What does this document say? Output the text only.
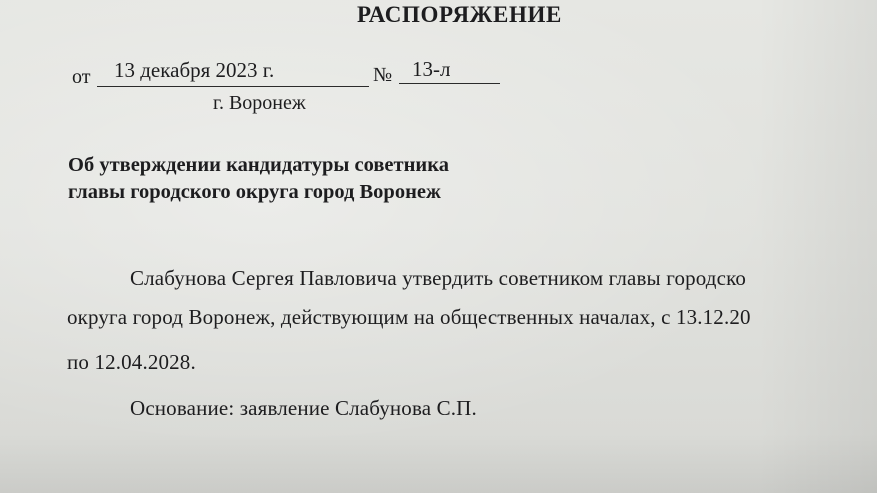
РАСПОРЯЖЕНИЕ
от 13 декабря 2023 г.	№ 13-л
г. Воронеж
Об утверждении кандидатуры советника
главы городского округа город Воронеж
Слабунова Сергея Павловича утвердить советником главы городско
округа город Воронеж, действующим на общественных началах, с 13.12.20
по 12.04.2028.
Основание: заявление Слабунова С.П.
